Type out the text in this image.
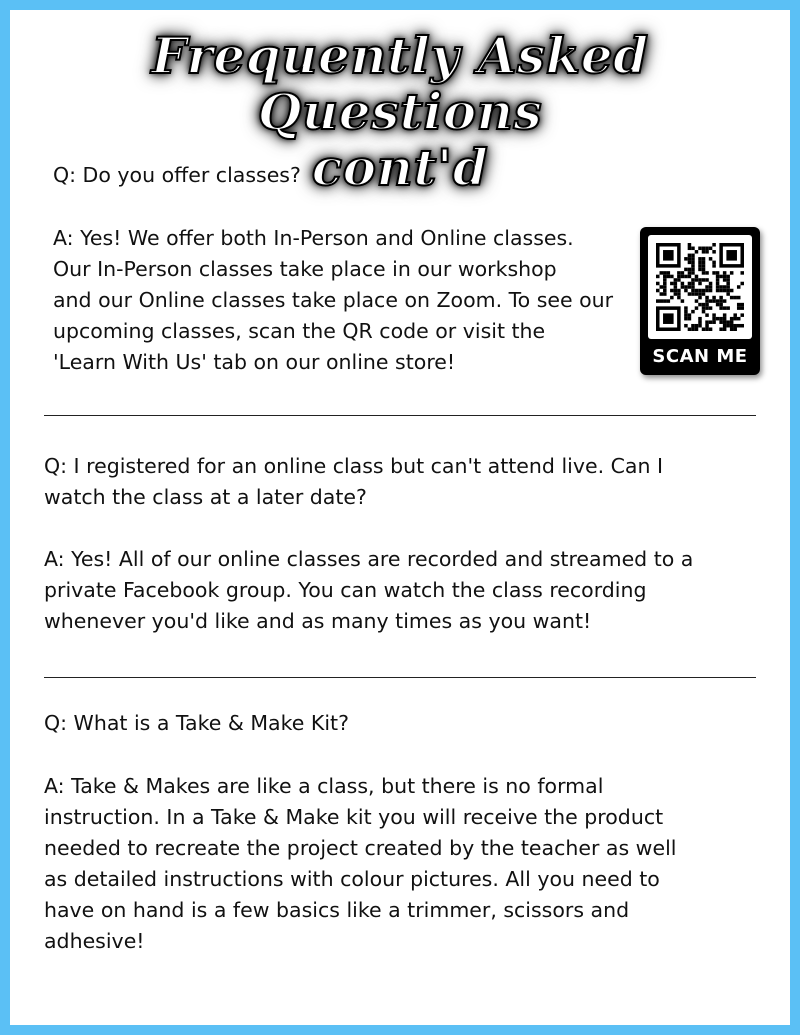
Frequently Asked Questions
cont'd

Q: Do you offer classes?

A: Yes! We offer both In-Person and Online classes.
Our In-Person classes take place in our workshop
and our Online classes take place on Zoom. To see our
upcoming classes, scan the QR code or visit the
'Learn With Us' tab on our online store!	SCAN ME

Q: I registered for an online class but can't attend live. Can I
watch the class at a later date?

A: Yes! All of our online classes are recorded and streamed to a
private Facebook group. You can watch the class recording
whenever you'd like and as many times as you want!

Q: What is a Take & Make Kit?

A: Take & Makes are like a class, but there is no formal
instruction. In a Take & Make kit you will receive the product
needed to recreate the project created by the teacher as well
as detailed instructions with colour pictures. All you need to
have on hand is a few basics like a trimmer, scissors and
adhesive!
